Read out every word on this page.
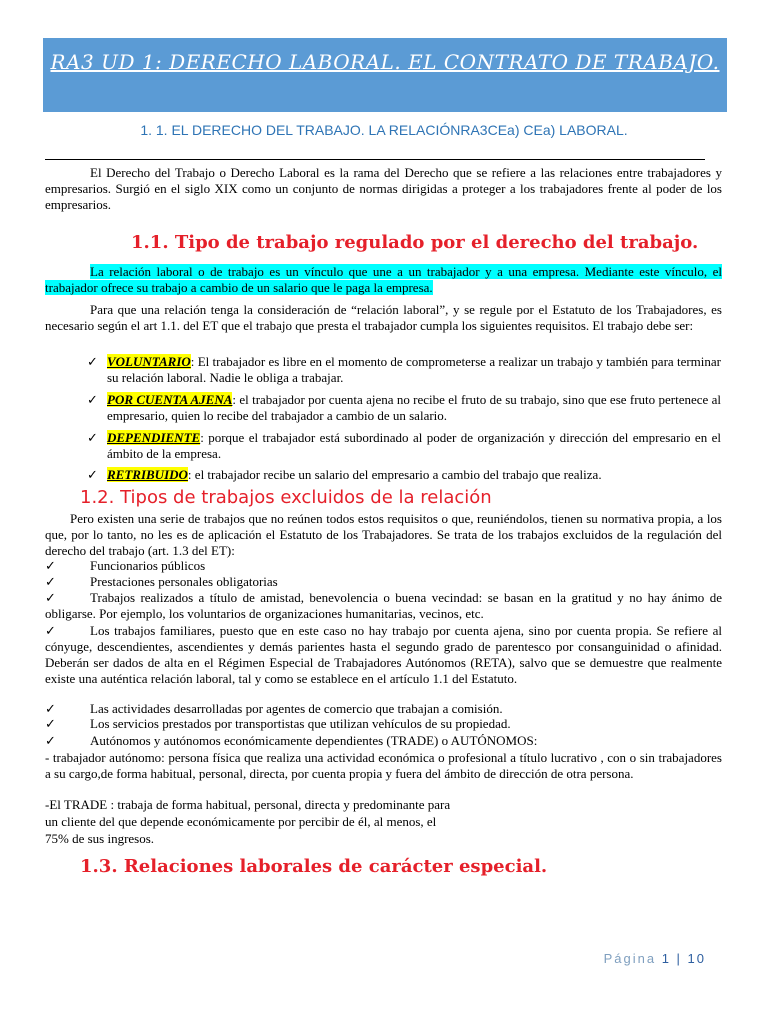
RA3 UD 1: DERECHO LABORAL. EL CONTRATO DE TRABAJO.
1. 1. EL DERECHO DEL TRABAJO. LA RELACIÓNRA3CEa) CEa) LABORAL.
El Derecho del Trabajo o Derecho Laboral es la rama del Derecho que se refiere a las relaciones entre trabajadores y empresarios. Surgió en el siglo XIX como un conjunto de normas dirigidas a proteger a los trabajadores frente al poder de los empresarios.
1.1. Tipo de trabajo regulado por el derecho del trabajo.
La relación laboral o de trabajo es un vínculo que une a un trabajador y a una empresa. Mediante este vínculo, el trabajador ofrece su trabajo a cambio de un salario que le paga la empresa.
Para que una relación tenga la consideración de “relación laboral”, y se regule por el Estatuto de los Trabajadores, es necesario según el art 1.1. del ET que el trabajo que presta el trabajador cumpla los siguientes requisitos. El trabajo debe ser:
✓ VOLUNTARIO: El trabajador es libre en el momento de comprometerse a realizar un trabajo y también para terminar su relación laboral. Nadie le obliga a trabajar.
✓ POR CUENTA AJENA: el trabajador por cuenta ajena no recibe el fruto de su trabajo, sino que ese fruto pertenece al empresario, quien lo recibe del trabajador a cambio de un salario.
✓ DEPENDIENTE: porque el trabajador está subordinado al poder de organización y dirección del empresario en el ámbito de la empresa.
✓ RETRIBUIDO: el trabajador recibe un salario del empresario a cambio del trabajo que realiza.
1.2. Tipos de trabajos excluidos de la relación
Pero existen una serie de trabajos que no reúnen todos estos requisitos o que, reuniéndolos, tienen su normativa propia, a los que, por lo tanto, no les es de aplicación el Estatuto de los Trabajadores. Se trata de los trabajos excluidos de la regulación del derecho del trabajo (art. 1.3 del ET):
✓	Funcionarios públicos
✓	Prestaciones personales obligatorias
✓	Trabajos realizados a título de amistad, benevolencia o buena vecindad: se basan en la gratitud y no hay ánimo de obligarse. Por ejemplo, los voluntarios de organizaciones humanitarias, vecinos, etc.
✓	Los trabajos familiares, puesto que en este caso no hay trabajo por cuenta ajena, sino por cuenta propia. Se refiere al cónyuge, descendientes, ascendientes y demás parientes hasta el segundo grado de parentesco por consanguinidad o afinidad. Deberán ser dados de alta en el Régimen Especial de Trabajadores Autónomos (RETA), salvo que se demuestre que realmente existe una auténtica relación laboral, tal y como se establece en el artículo 1.1 del Estatuto.
✓	Las actividades desarrolladas por agentes de comercio que trabajan a comisión.
✓	Los servicios prestados por transportistas que utilizan vehículos de su propiedad.
✓	Autónomos y autónomos económicamente dependientes (TRADE) o AUTÓNOMOS:
- trabajador autónomo: persona física que realiza una actividad económica o profesional a título lucrativo , con o sin trabajadores a su cargo,de forma habitual, personal, directa, por cuenta propia y fuera del ámbito de dirección de otra persona.
-El TRADE : trabaja de forma habitual, personal, directa y predominante para
un cliente del que depende económicamente por percibir de él, al menos, el
75% de sus ingresos.
1.3. Relaciones laborales de carácter especial.
Página 1 | 10
